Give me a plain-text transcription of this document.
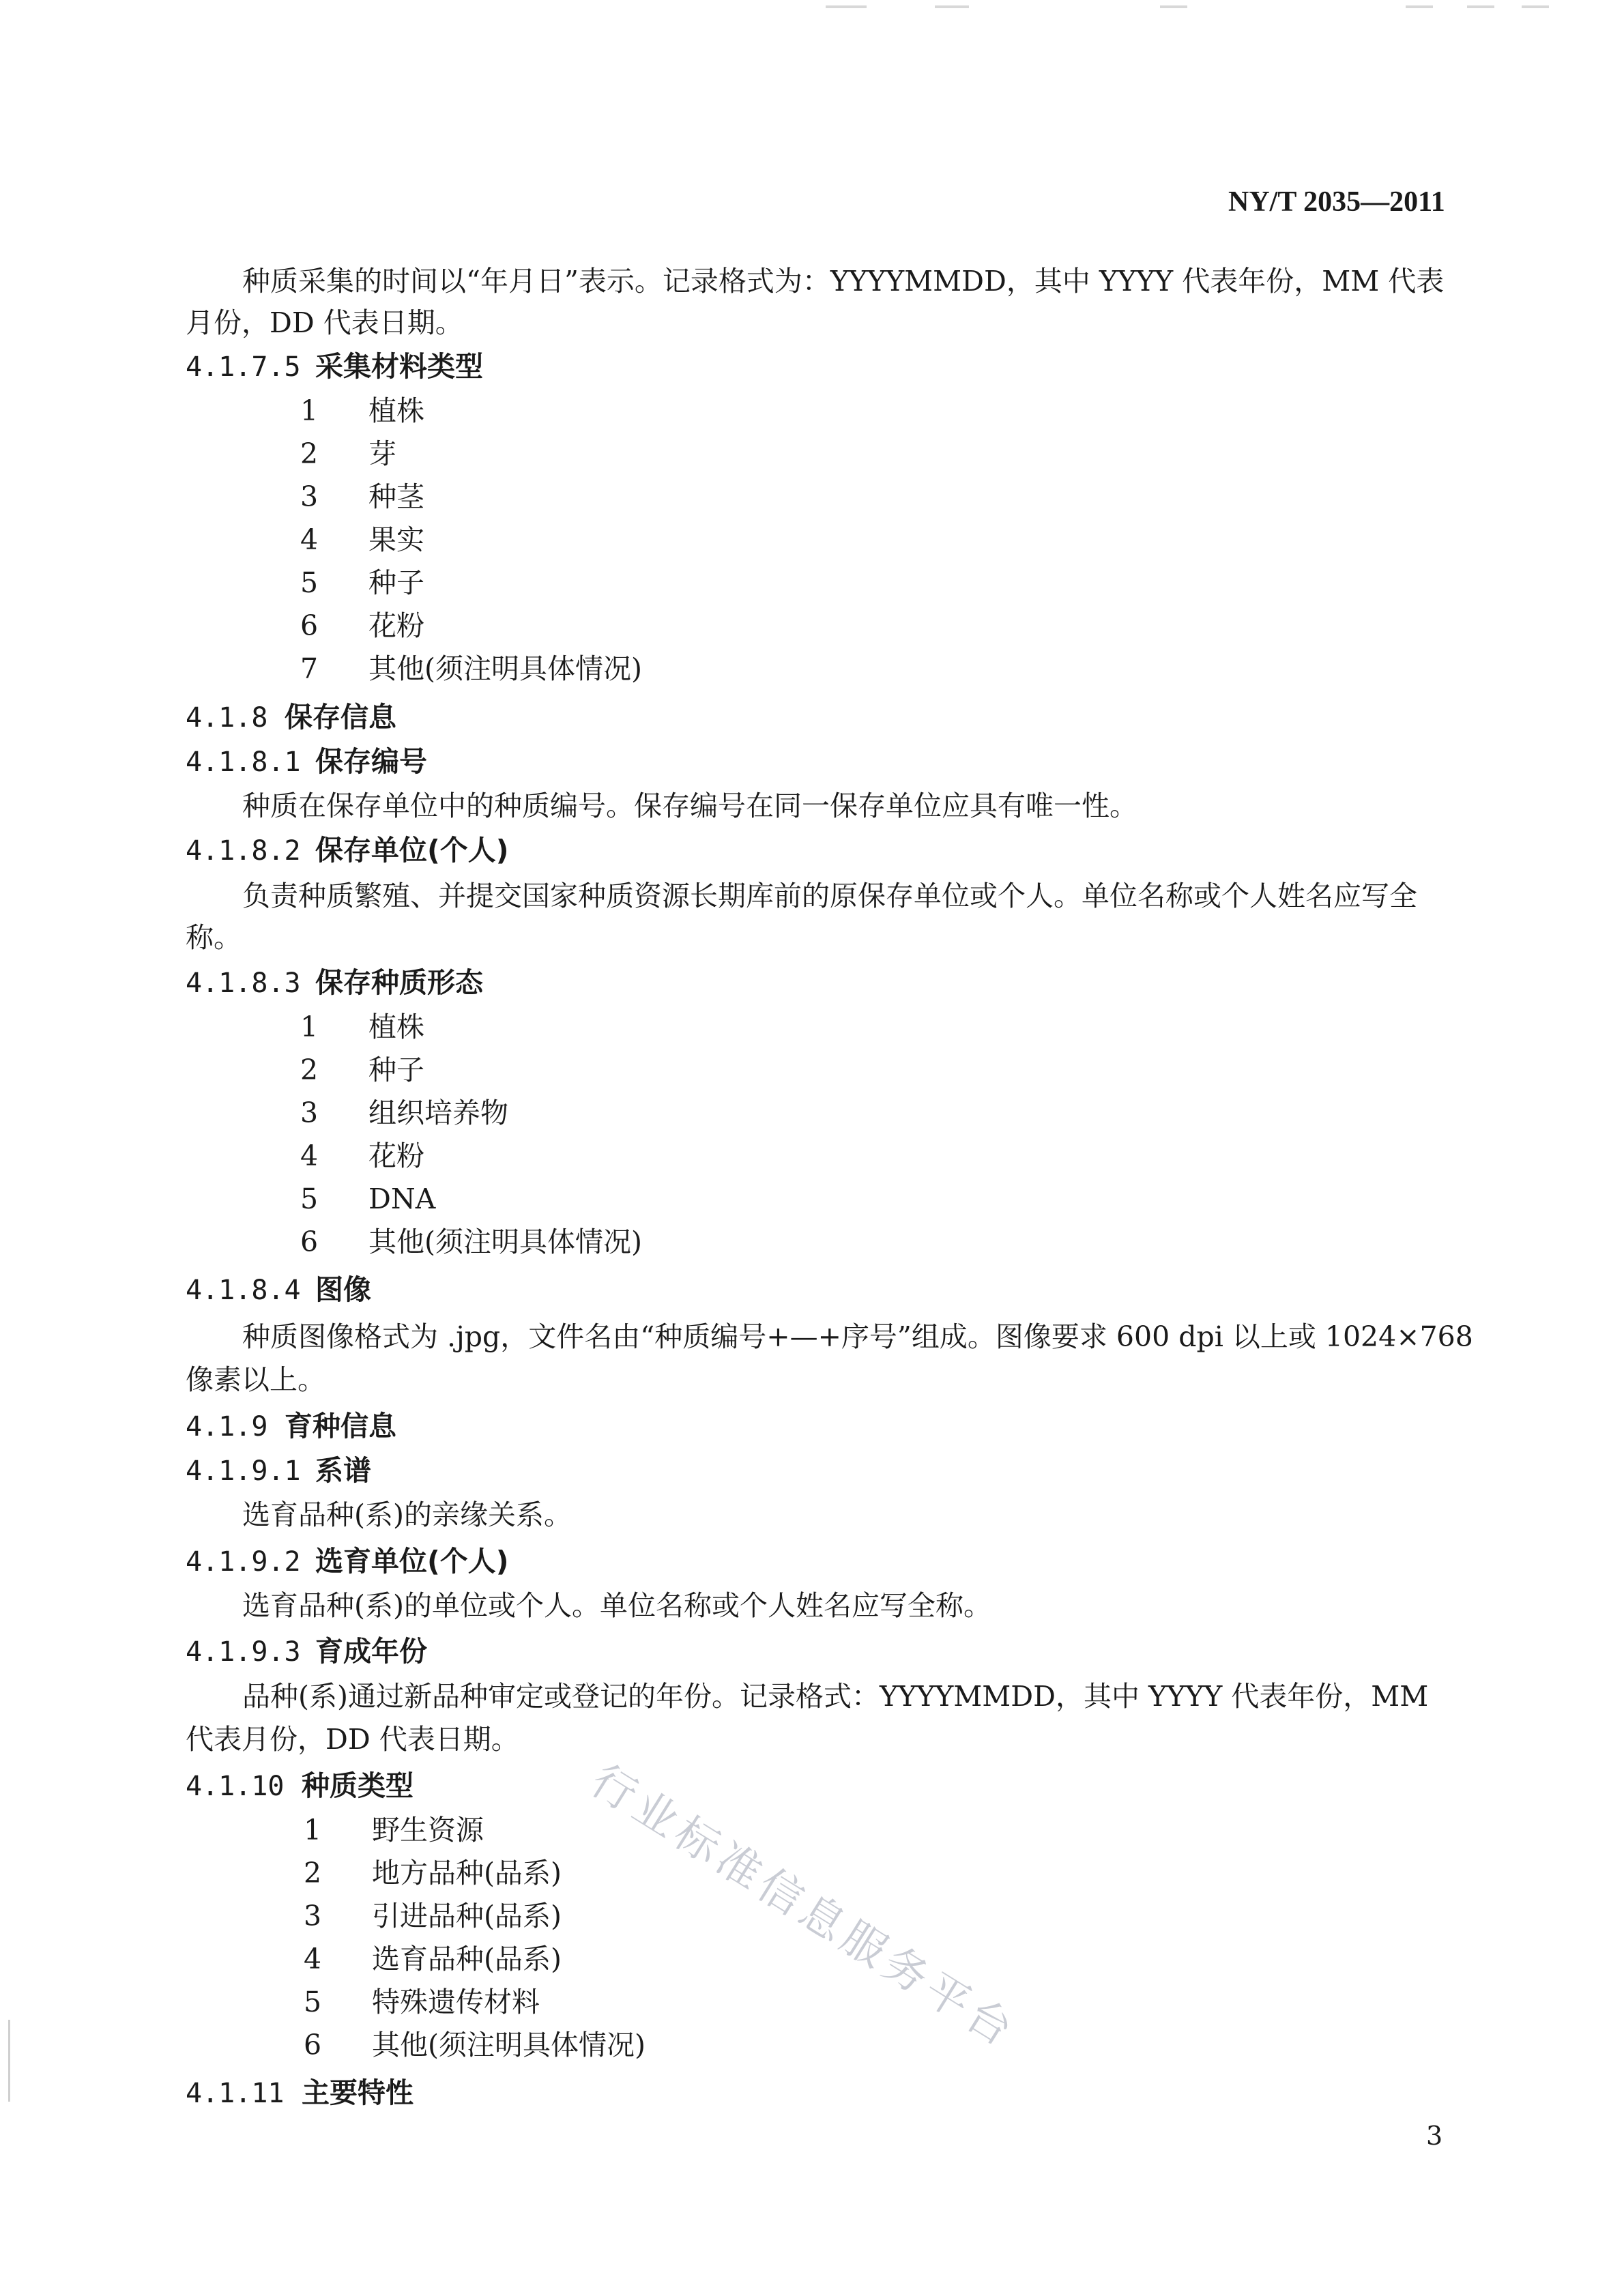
NY/T 2035—2011
种质采集的时间以“年月日”表示。记录格式为：YYYYMMDD，其中 YYYY 代表年份，MM 代表
月份，DD 代表日期。
4.1.7.5 采集材料类型
1 植株
2 芽
3 种茎
4 果实
5 种子
6 花粉
7 其他(须注明具体情况)
4.1.8 保存信息
4.1.8.1 保存编号
种质在保存单位中的种质编号。保存编号在同一保存单位应具有唯一性。
4.1.8.2 保存单位(个人)
负责种质繁殖、并提交国家种质资源长期库前的原保存单位或个人。单位名称或个人姓名应写全
称。
4.1.8.3 保存种质形态
1 植株
2 种子
3 组织培养物
4 花粉
5 DNA
6 其他(须注明具体情况)
4.1.8.4 图像
种质图像格式为 .jpg，文件名由“种质编号+—+序号”组成。图像要求 600 dpi 以上或 1024×768
像素以上。
4.1.9 育种信息
4.1.9.1 系谱
选育品种(系)的亲缘关系。
4.1.9.2 选育单位(个人)
选育品种(系)的单位或个人。单位名称或个人姓名应写全称。
4.1.9.3 育成年份
品种(系)通过新品种审定或登记的年份。记录格式：YYYYMMDD，其中 YYYY 代表年份，MM
代表月份，DD 代表日期。
4.1.10 种质类型
1 野生资源
2 地方品种(品系)
3 引进品种(品系)
4 选育品种(品系)
5 特殊遗传材料
6 其他(须注明具体情况)
4.1.11 主要特性
行业标准信息服务平台
3
